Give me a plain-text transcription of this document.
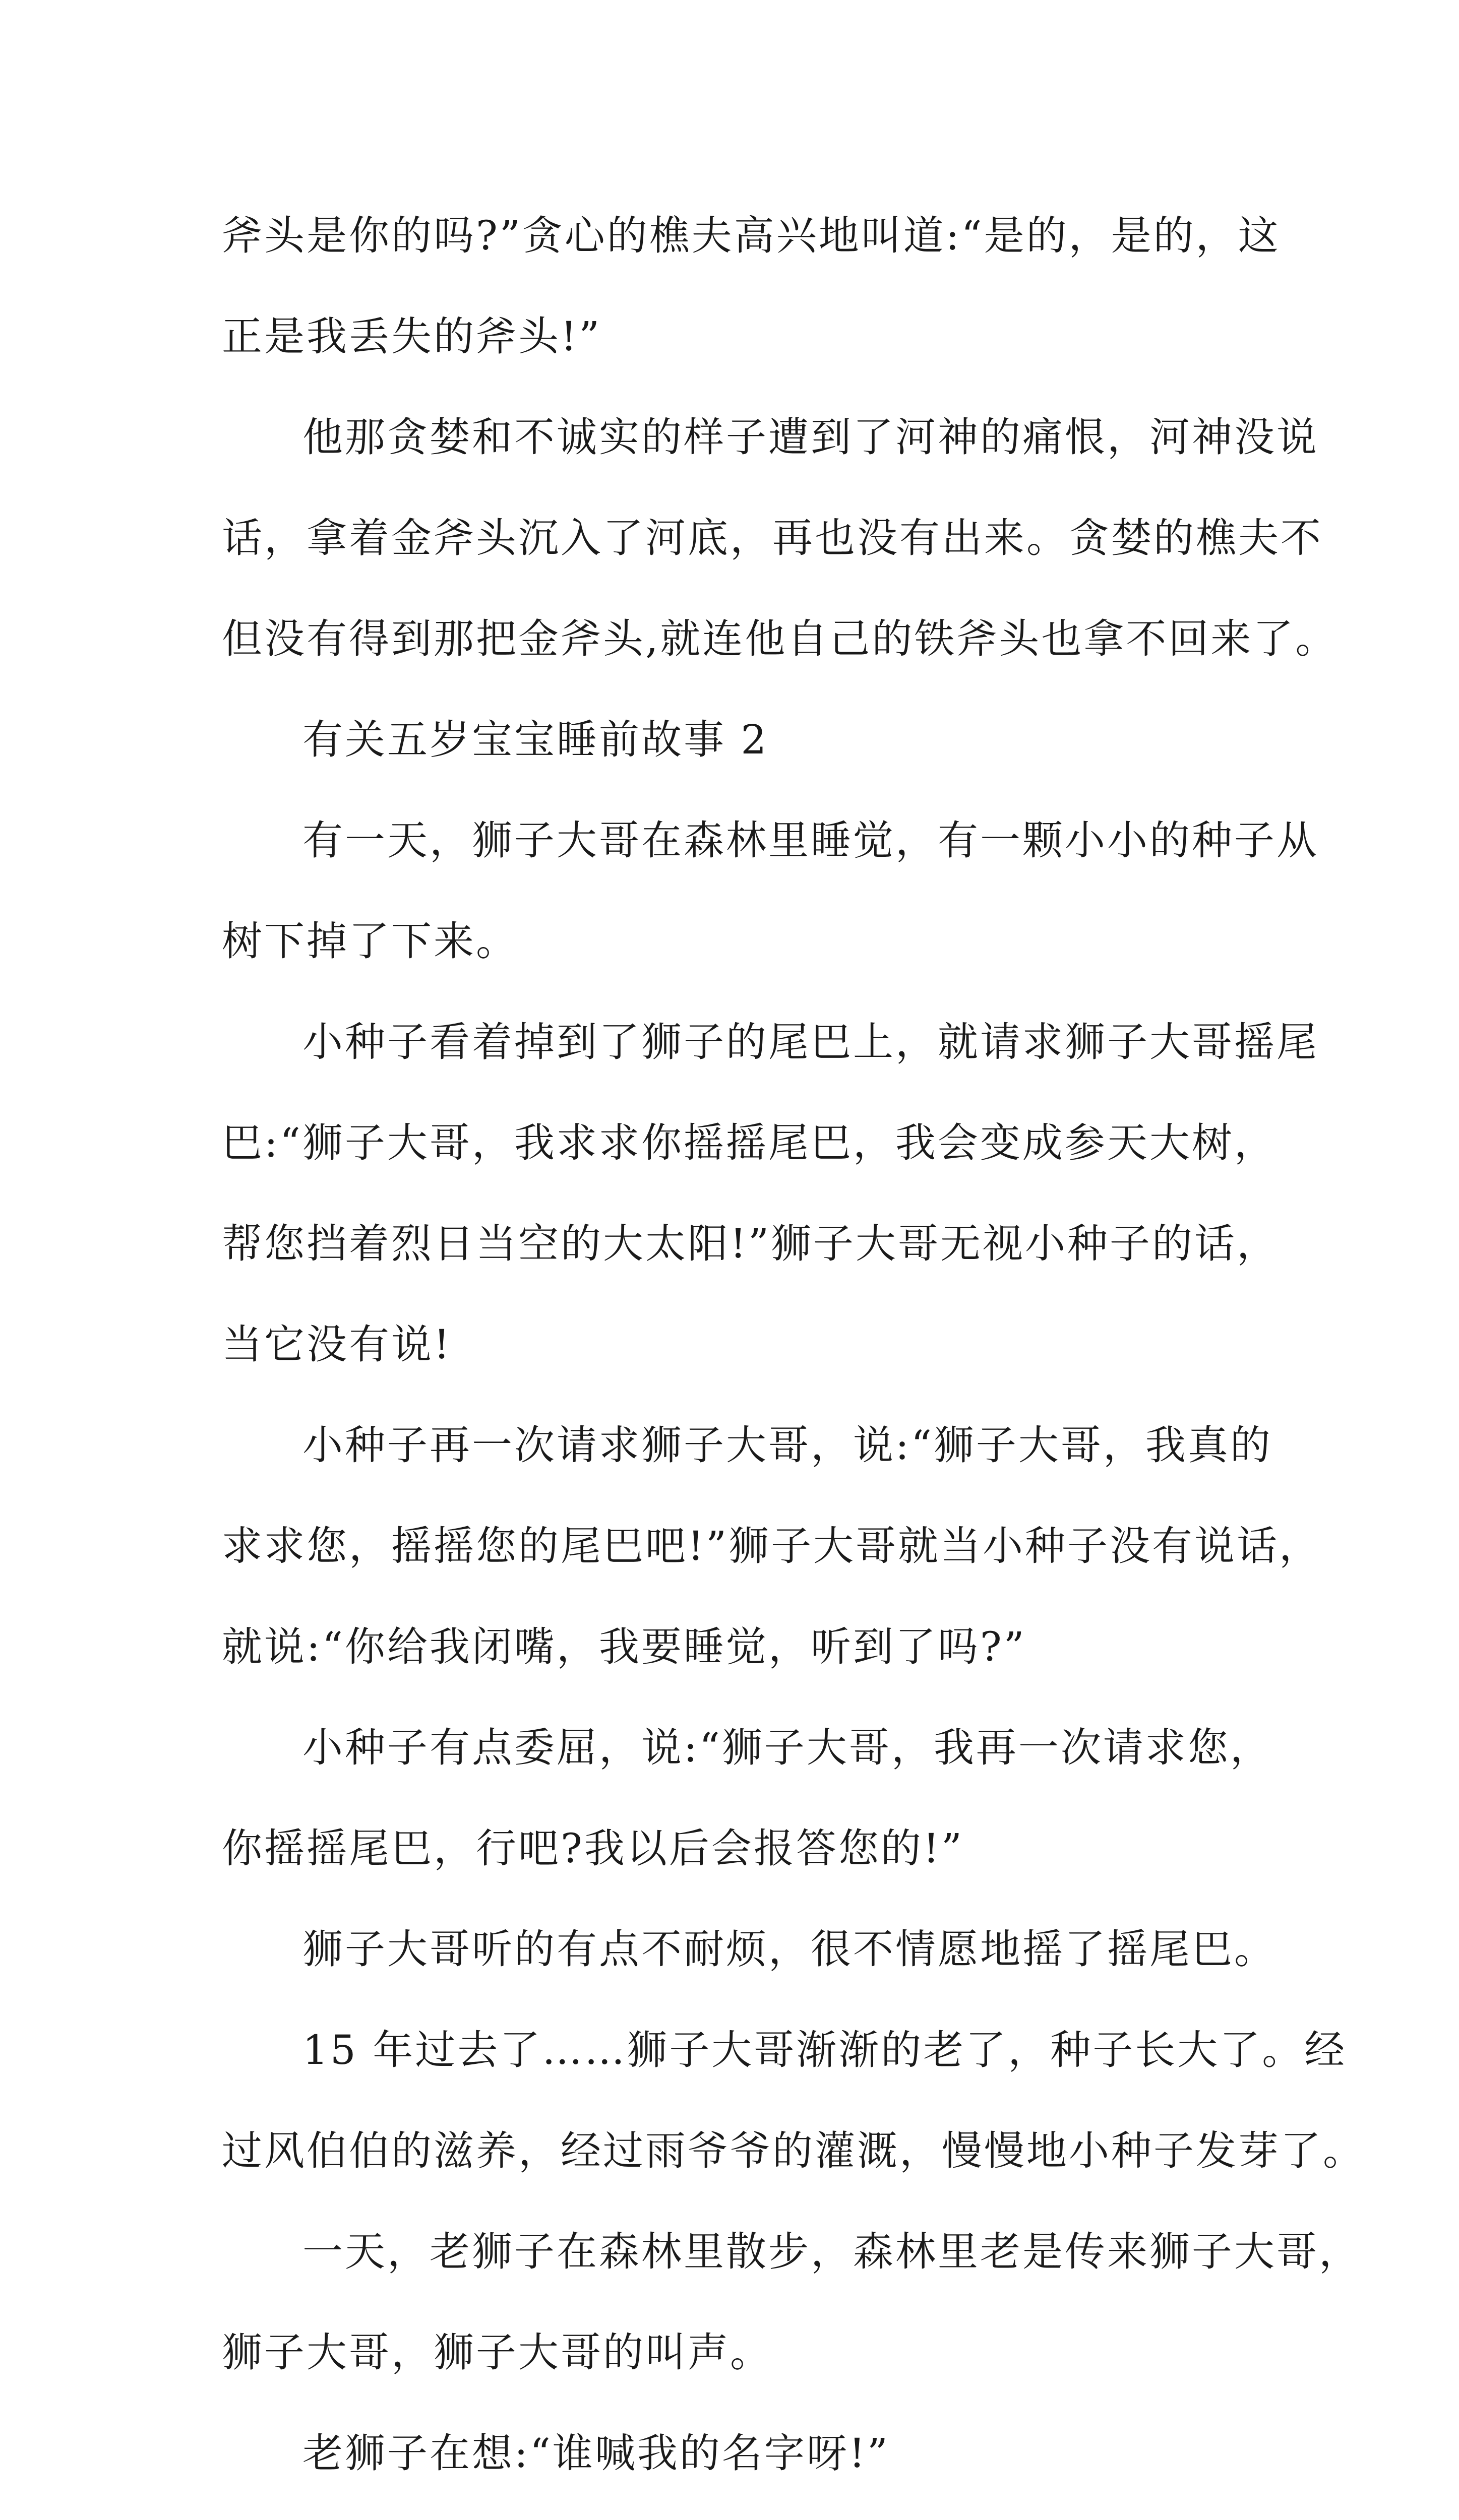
斧头是你的吗?”贪心的樵夫高兴地叫道:“是的，是的，这
正是我丢失的斧头!”
他那贪婪和不诚实的样子遭到了河神的痛恨，河神没说
话，拿着金斧头沉入了河底，再也没有出来。贪婪的樵夫不
但没有得到那把金斧头,就连他自己的铁斧头也拿不回来了。
有关五岁宝宝睡前故事 2
有一天，狮子大哥在森林里睡觉，有一颗小小的种子从
树下掉了下来。
小种子看着掉到了狮子的尾巴上，就请求狮子大哥摇尾
巴:“狮子大哥，我求求你摇摇尾巴，我会变成参天大树，
帮您挡着烈日当空的大太阳!”狮子大哥无视小种子的话，
当它没有说!
小种子再一次请求狮子大哥，说:“狮子大哥，我真的
求求您，摇摇您的尾巴吧!”狮子大哥就当小种子没有说话，
就说:“你给我闭嘴，我要睡觉，听到了吗?”
小种子有点委屈，说:“狮子大哥，我再一次请求您，
你摇摇尾巴，行吧?我以后会报答您的!”
狮子大哥听的有点不耐烦，很不情愿地摇了摇尾巴。
15 年过去了……狮子大哥渐渐的老了，种子长大了。经
过风伯伯的滋养，经过雨爷爷的灌溉，慢慢地小种子发芽了。
一天，老狮子在森林里散步，森林里老是传来狮子大哥，
狮子大哥，狮子大哥的叫声。
老狮子在想:“谁喊我的名字呀!”
